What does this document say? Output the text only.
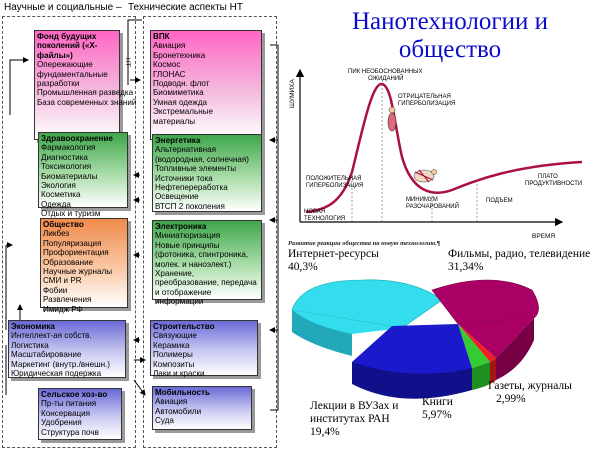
Научные и социальные – Технические аспекты НТ
Фонд будущих поколений («Х-файлы»)
Опережающие фундаментальные разработки
Промышленная разведка
База современных знаний
НТ
Здравоохранение
Фармакология
Диагностика
Токсикология
Биоматериалы
Экология
Косметика
Одежда
Отдых и туризм
Общество
Ликбез
Популяризация
Профориентация
Образование
Научные журналы
СМИ и PR
Фобии
Развлечения
Имидж РФ
Экономика
Интеллект-ая собств.
Логистика
Масштабирование
Маркетинг (внутр./внешн.)
Юридическая подержка
Сельское хоз-во
Пр-ты питания
Консервация
Удобрения
Структура почв
ВПК
Авиация
Бронетехника
Космос
ГЛОНАС
Подводн. флот
Биомиметика
Умная одежда
Экстремальные материалы
Энергетика
Альтернативная (водородная, солнечная)
Топливные элементы
Источники тока
Нефтепереработка
Освещение
ВТСП 2 поколения
Электроника
Миниатюризация
Новые принципы (фотоника, спинтроника, молек. и наноэлект.)
Хранение, преобразование, передача и отображение информации
Строительство
Связующие
Керамика
Полимеры
Композиты
Лаки и краски
Мобильность
Авиация
Автомобили
Суда
Нанотехнологии и
общество
ШУМИХА
ВРЕМЯ
НОВАЯ ТЕХНОЛОГИЯ
ПОЛОЖИТЕЛЬНАЯ ГИПЕРБОЛИЗАЦИЯ
ПИК НЕОБОСНОВАННЫХ ОЖИДАНИЙ
ОТРИЦАТЕЛЬНАЯ ГИПЕРБОЛИЗАЦИЯ
МИНИМУМ РАЗОЧАРОВАНИЙ
ПОДЪЕМ
ПЛАТО ПРОДУКТИВНОСТИ
Развитие реакции общества на новую технологию.¶
Интернет-ресурсы
40,3%
Фильмы, радио, телевидение
31,34%
Газеты, журналы
2,99%
Книги
5,97%
Лекции в ВУЗах и
институтах РАН
19,4%
